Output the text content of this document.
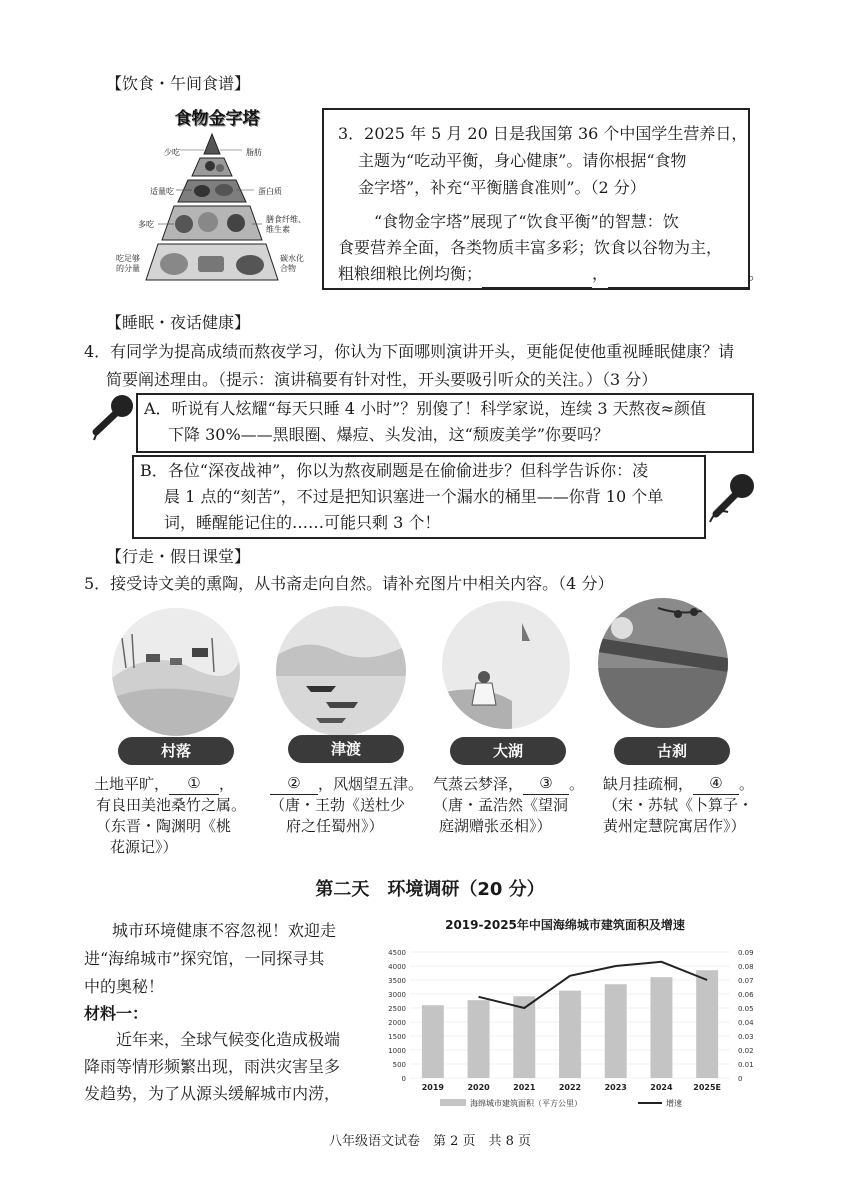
【饮食・午间食谱】
食物金字塔
少吃	脂肪
适量吃	蛋白质
多吃
膳食纤维、
维生素
吃足够
的分量
碳水化
合物
3．2025 年 5 月 20 日是我国第 36 个中国学生营养日，
主题为“吃动平衡，身心健康”。请你根据“食物
金字塔”，补充“平衡膳食准则”。（2 分）
“食物金字塔”展现了“饮食平衡”的智慧：饮
食要营养全面，各类物质丰富多彩；饮食以谷物为主，
粗粮细粮比例均衡；	，	。
【睡眠・夜话健康】
4．有同学为提高成绩而熬夜学习，你认为下面哪则演讲开头，更能促使他重视睡眠健康？请
简要阐述理由。（提示：演讲稿要有针对性，开头要吸引听众的关注。）（3 分）
A．听说有人炫耀“每天只睡 4 小时”？别傻了！科学家说，连续 3 天熬夜≈颜值
下降 30%——黑眼圈、爆痘、头发油，这“颓废美学”你要吗？
B．各位“深夜战神”，你以为熬夜刷题是在偷偷进步？但科学告诉你：凌
晨 1 点的“刻苦”，不过是把知识塞进一个漏水的桶里——你背 10 个单
词，睡醒能记住的……可能只剩 3 个！
【行走・假日课堂】
5．接受诗文美的熏陶，从书斋走向自然。请补充图片中相关内容。（4 分）
村落	津渡	大湖	古刹
土地平旷， ① ，
有良田美池桑竹之属。
（东晋・陶渊明《桃
花源记》）
② ，风烟望五津。
（唐・王勃《送杜少
府之任蜀州》）
气蒸云梦泽， ③ 。
（唐・孟浩然《望洞
庭湖赠张丞相》）
缺月挂疏桐， ④ 。
（宋・苏轼《卜算子・
黄州定慧院寓居作》）
第二天　环境调研（20 分）
城市环境健康不容忽视！欢迎走
进“海绵城市”探究馆，一同探寻其
中的奥秘！
材料一：
近年来，全球气候变化造成极端
降雨等情形频繁出现，雨洪灾害呈多
发趋势，为了从源头缓解城市内涝，
2019-2025年中国海绵城市建筑面积及增速
0
500
1000
1500
2000
2500
3000
3500
4000
4500
0
0.01
0.02
0.03
0.04
0.05
0.06
0.07
0.08
0.09
2019	2020	2021	2022	2023	2024	2025E
海绵城市建筑面积（平方公里）	增速
八年级语文试卷　第 2 页　共 8 页
